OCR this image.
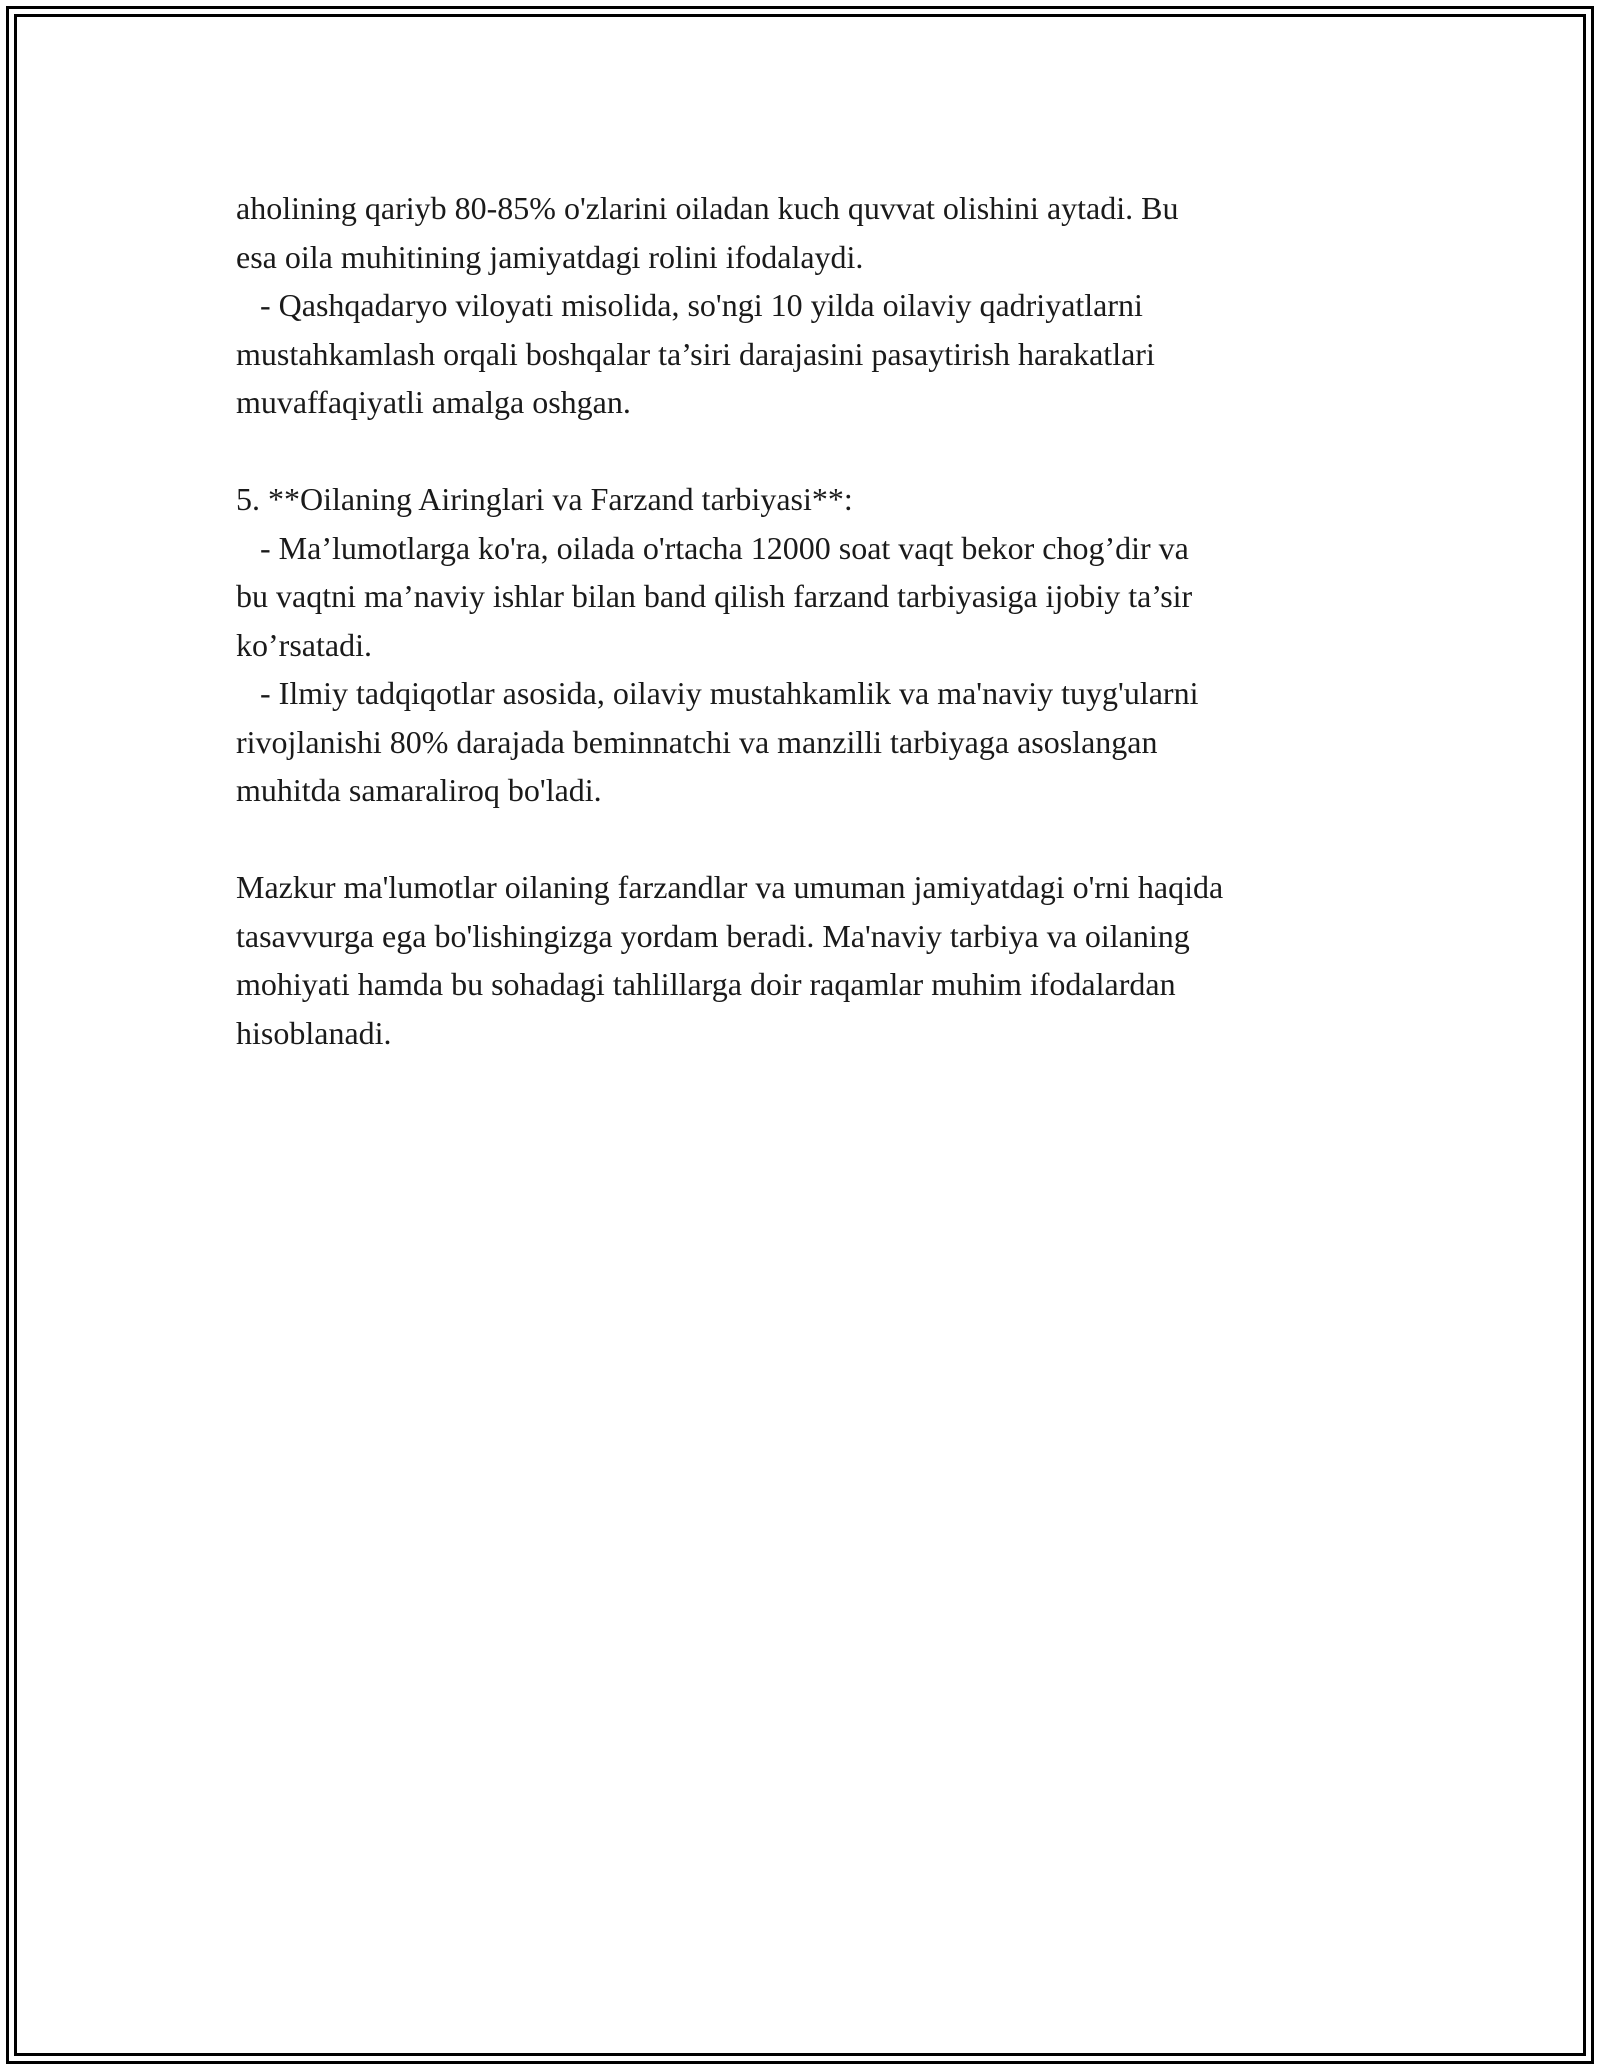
aholining qariyb 80-85% o'zlarini oiladan kuch quvvat olishini aytadi. Bu
esa oila muhitining jamiyatdagi rolini ifodalaydi.
- Qashqadaryo viloyati misolida, so'ngi 10 yilda oilaviy qadriyatlarni
mustahkamlash orqali boshqalar ta’siri darajasini pasaytirish harakatlari
muvaffaqiyatli amalga oshgan.
5. **Oilaning Airinglari va Farzand tarbiyasi**:
- Ma’lumotlarga ko'ra, oilada o'rtacha 12000 soat vaqt bekor chog’dir va
bu vaqtni ma’naviy ishlar bilan band qilish farzand tarbiyasiga ijobiy ta’sir
ko’rsatadi.
- Ilmiy tadqiqotlar asosida, oilaviy mustahkamlik va ma'naviy tuyg'ularni
rivojlanishi 80% darajada beminnatchi va manzilli tarbiyaga asoslangan
muhitda samaraliroq bo'ladi.
Mazkur ma'lumotlar oilaning farzandlar va umuman jamiyatdagi o'rni haqida
tasavvurga ega bo'lishingizga yordam beradi. Ma'naviy tarbiya va oilaning
mohiyati hamda bu sohadagi tahlillarga doir raqamlar muhim ifodalardan
hisoblanadi.
